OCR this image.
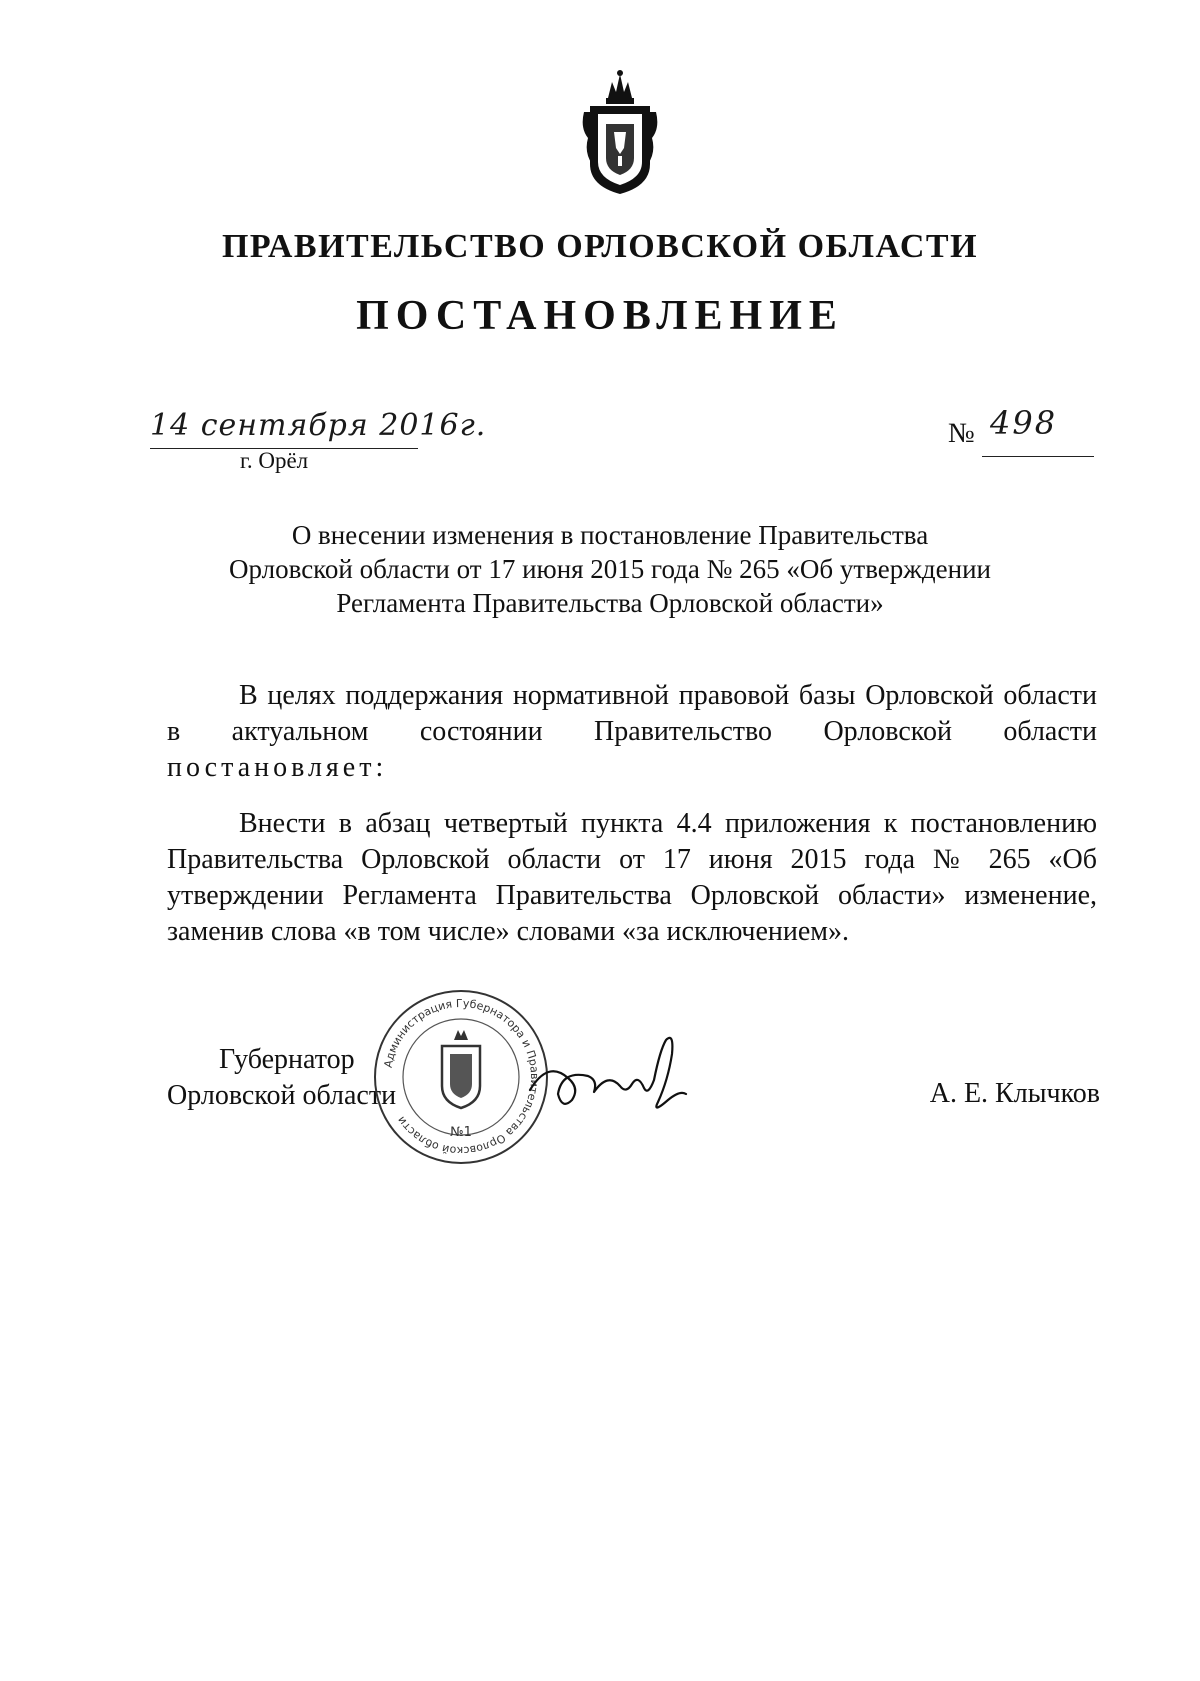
ПРАВИТЕЛЬСТВО ОРЛОВСКОЙ ОБЛАСТИ
ПОСТАНОВЛЕНИЕ
14 сентября 2016г.
г. Орёл
№ 498
О внесении изменения в постановление Правительства
Орловской области от 17 июня 2015 года № 265 «Об утверждении
Регламента Правительства Орловской области»
В целях поддержания нормативной правовой базы Орловской области в актуальном состоянии Правительство Орловской области постановляет:
Внести в абзац четвертый пункта 4.4 приложения к постановлению Правительства Орловской области от 17 июня 2015 года № 265 «Об утверждении Регламента Правительства Орловской области» изменение, заменив слова «в том числе» словами «за исключением».
Губернатор
Орловской области
Администрация Губернатора и Правительства Орловской области
№1
А. Е. Клычков
